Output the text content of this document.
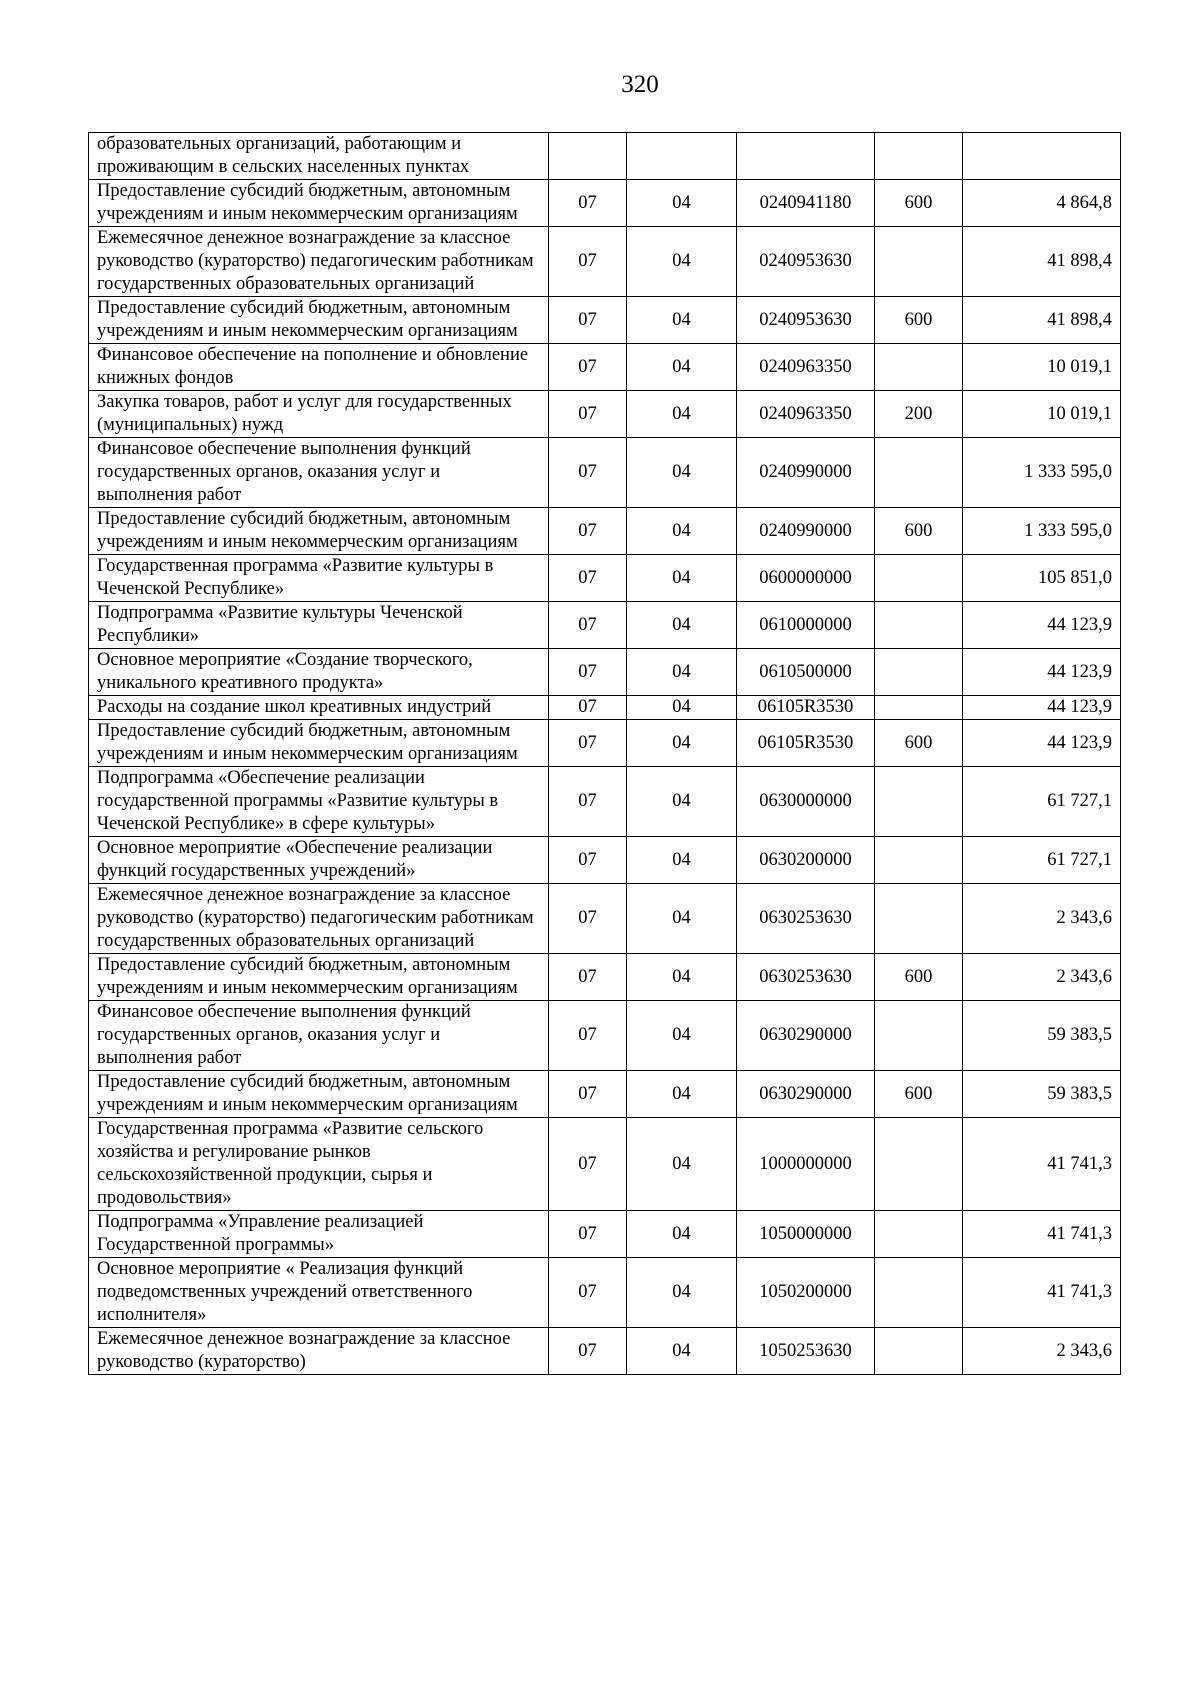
320
образовательных организаций, работающим и проживающим в сельских населенных пунктах					
Предоставление субсидий бюджетным, автономным учреждениям и иным некоммерческим организациям	07	04	0240941180	600	4 864,8
Ежемесячное денежное вознаграждение за классное руководство (кураторство) педагогическим работникам государственных образовательных организаций	07	04	0240953630		41 898,4
Предоставление субсидий бюджетным, автономным учреждениям и иным некоммерческим организациям	07	04	0240953630	600	41 898,4
Финансовое обеспечение на пополнение и обновление книжных фондов	07	04	0240963350		10 019,1
Закупка товаров, работ и услуг для государственных (муниципальных) нужд	07	04	0240963350	200	10 019,1
Финансовое обеспечение выполнения функций государственных органов, оказания услуг и выполнения работ	07	04	0240990000		1 333 595,0
Предоставление субсидий бюджетным, автономным учреждениям и иным некоммерческим организациям	07	04	0240990000	600	1 333 595,0
Государственная программа «Развитие культуры в Чеченской Республике»	07	04	0600000000		105 851,0
Подпрограмма «Развитие культуры Чеченской Республики»	07	04	0610000000		44 123,9
Основное мероприятие «Создание творческого, уникального креативного продукта»	07	04	0610500000		44 123,9
Расходы на создание школ креативных индустрий	07	04	06105R3530		44 123,9
Предоставление субсидий бюджетным, автономным учреждениям и иным некоммерческим организациям	07	04	06105R3530	600	44 123,9
Подпрограмма «Обеспечение реализации государственной программы «Развитие культуры в Чеченской Республике» в сфере культуры»	07	04	0630000000		61 727,1
Основное мероприятие «Обеспечение реализации функций государственных учреждений»	07	04	0630200000		61 727,1
Ежемесячное денежное вознаграждение за классное руководство (кураторство) педагогическим работникам государственных образовательных организаций	07	04	0630253630		2 343,6
Предоставление субсидий бюджетным, автономным учреждениям и иным некоммерческим организациям	07	04	0630253630	600	2 343,6
Финансовое обеспечение выполнения функций государственных органов, оказания услуг и выполнения работ	07	04	0630290000		59 383,5
Предоставление субсидий бюджетным, автономным учреждениям и иным некоммерческим организациям	07	04	0630290000	600	59 383,5
Государственная программа «Развитие сельского хозяйства и регулирование рынков сельскохозяйственной продукции, сырья и продовольствия»	07	04	1000000000		41 741,3
Подпрограмма «Управление реализацией Государственной программы»	07	04	1050000000		41 741,3
Основное мероприятие « Реализация функций подведомственных учреждений ответственного исполнителя»	07	04	1050200000		41 741,3
Ежемесячное денежное вознаграждение за классное руководство (кураторство)	07	04	1050253630		2 343,6
